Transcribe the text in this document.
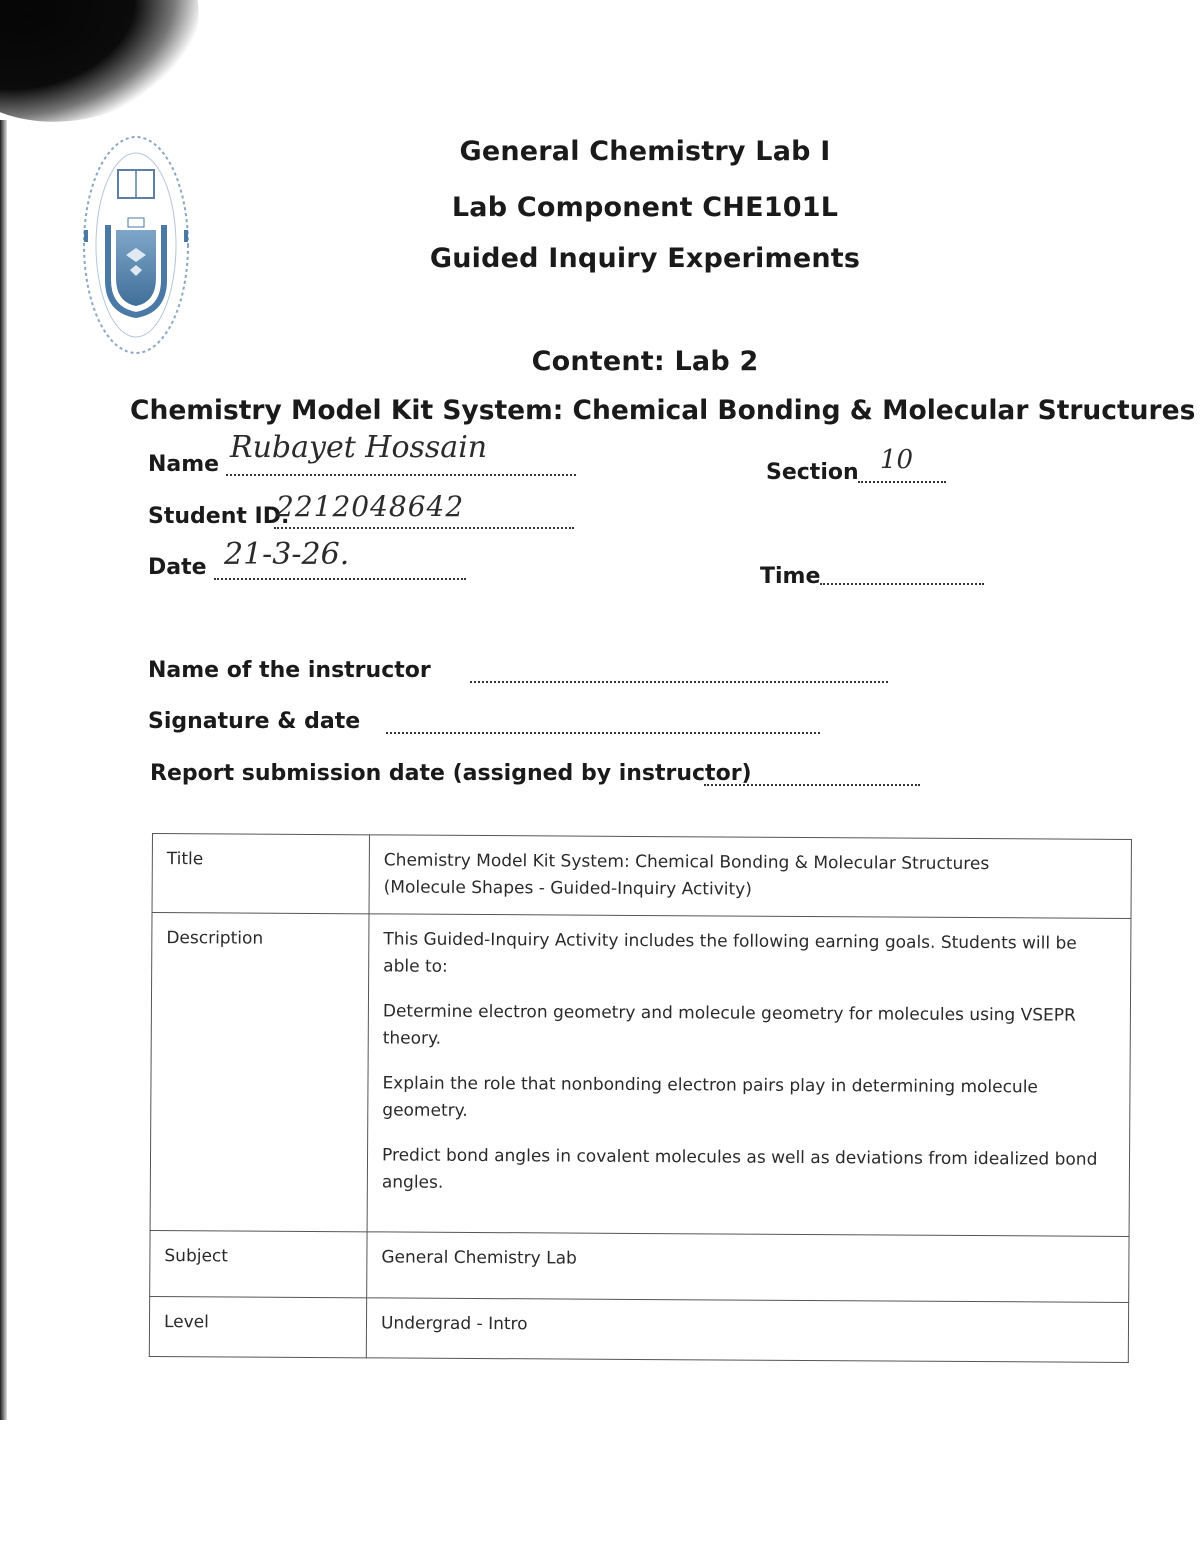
General Chemistry Lab I
Lab Component CHE101L
Guided Inquiry Experiments
Content: Lab 2
Chemistry Model Kit System: Chemical Bonding & Molecular Structures
Name Rubayet Hossain
Section 10
Student ID.
2212048642
Date 21-3-26.
Time
Name of the instructor
Signature & date
Report submission date (assigned by instructor)
Title	Chemistry Model Kit System: Chemical Bonding & Molecular Structures
(Molecule Shapes - Guided-Inquiry Activity)

Description	This Guided-Inquiry Activity includes the following earning goals. Students will be able to:

Determine electron geometry and molecule geometry for molecules using VSEPR theory.

Explain the role that nonbonding electron pairs play in determining molecule geometry.

Predict bond angles in covalent molecules as well as deviations from idealized bond angles.

Subject	General Chemistry Lab
Level	Undergrad - Intro
